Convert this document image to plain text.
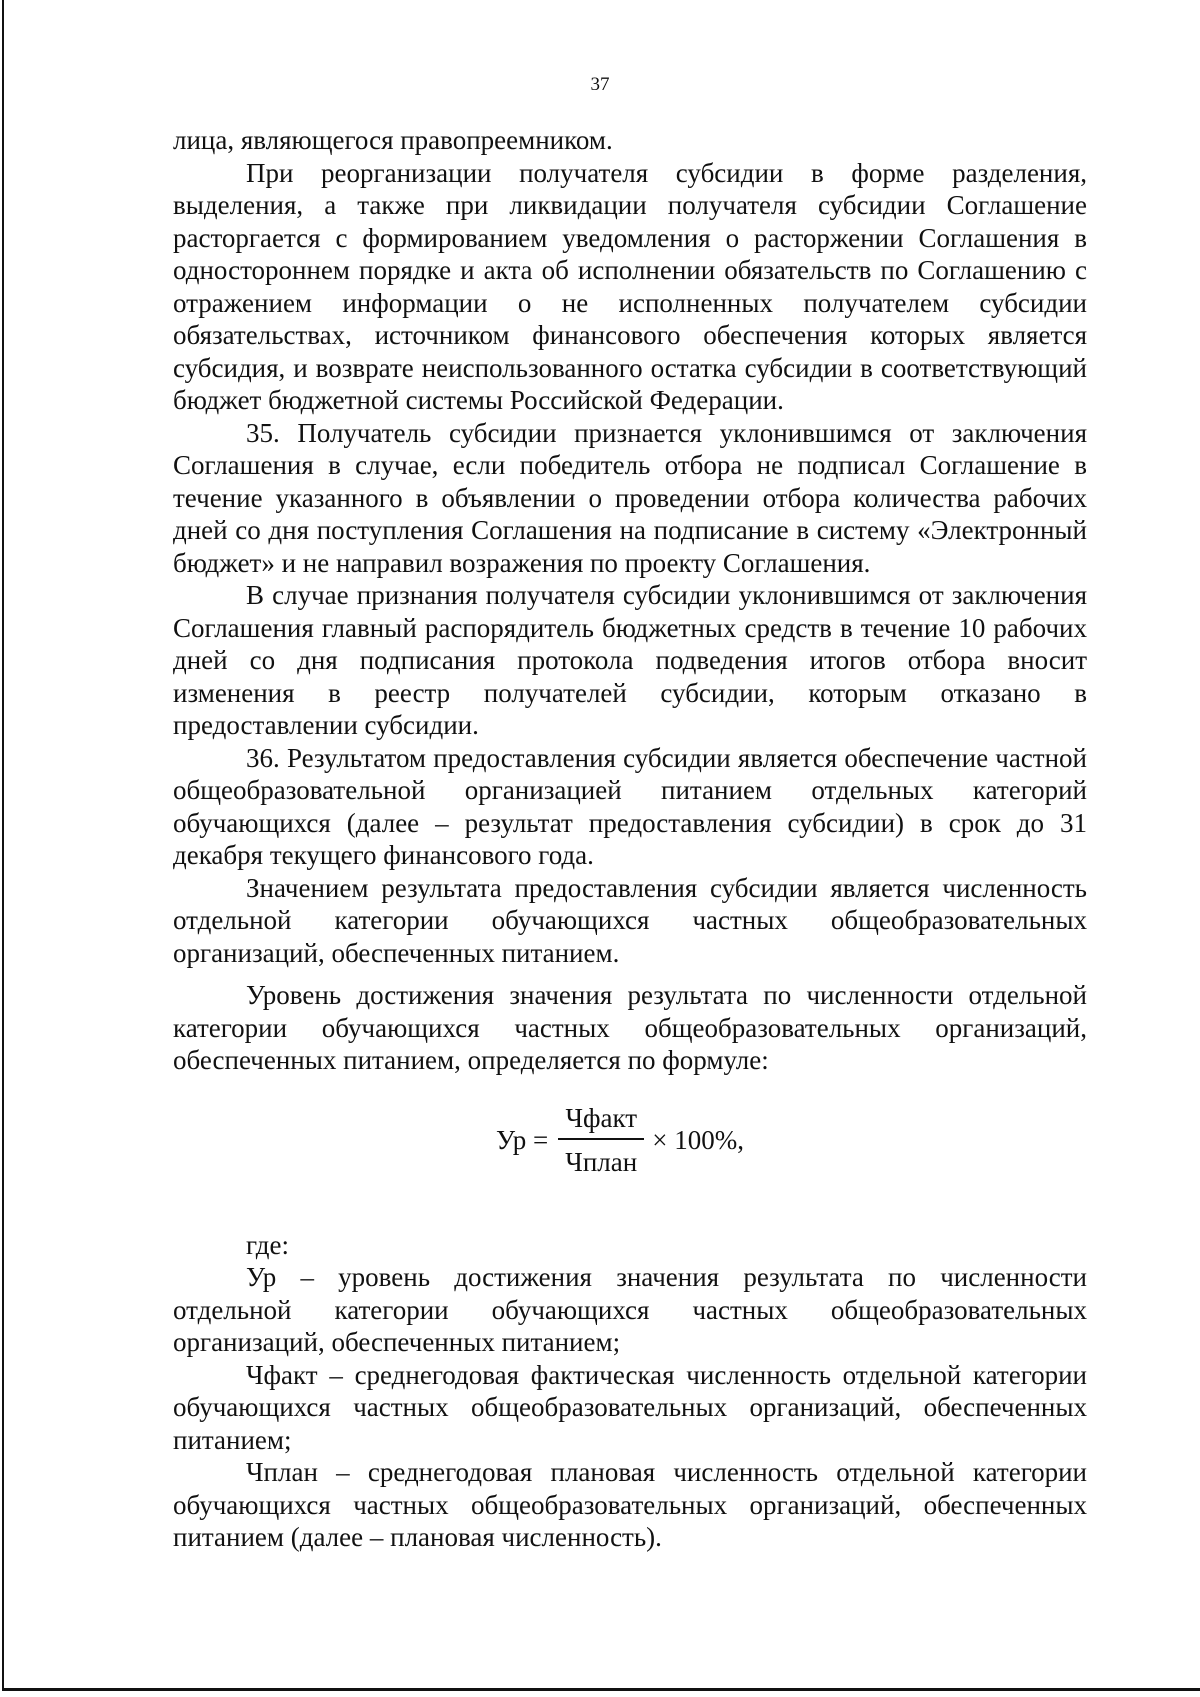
37

лица, являющегося правопреемником.

При реорганизации получателя субсидии в форме разделения, выделения, а также при ликвидации получателя субсидии Соглашение расторгается с формированием уведомления о расторжении Соглашения в одностороннем порядке и акта об исполнении обязательств по Соглашению с отражением информации о не исполненных получателем субсидии обязательствах, источником финансового обеспечения которых является субсидия, и возврате неиспользованного остатка субсидии в соответствующий бюджет бюджетной системы Российской Федерации.

35. Получатель субсидии признается уклонившимся от заключения Соглашения в случае, если победитель отбора не подписал Соглашение в течение указанного в объявлении о проведении отбора количества рабочих дней со дня поступления Соглашения на подписание в систему «Электронный бюджет» и не направил возражения по проекту Соглашения.

В случае признания получателя субсидии уклонившимся от заключения Соглашения главный распорядитель бюджетных средств в течение 10 рабочих дней со дня подписания протокола подведения итогов отбора вносит изменения в реестр получателей субсидии, которым отказано в предоставлении субсидии.

36. Результатом предоставления субсидии является обеспечение частной общеобразовательной организацией питанием отдельных категорий обучающихся (далее – результат предоставления субсидии) в срок до 31 декабря текущего финансового года.

Значением результата предоставления субсидии является численность отдельной категории обучающихся частных общеобразовательных организаций, обеспеченных питанием.

Уровень достижения значения результата по численности отдельной категории обучающихся частных общеобразовательных организаций, обеспеченных питанием, определяется по формуле:

Ур = $\frac{\text{Чфакт}}{\text{Чплан}} \times 100\%$,

где:

Ур – уровень достижения значения результата по численности отдельной категории обучающихся частных общеобразовательных организаций, обеспеченных питанием;

Чфакт – среднегодовая фактическая численность отдельной категории обучающихся частных общеобразовательных организаций, обеспеченных питанием;

Чплан – среднегодовая плановая численность отдельной категории обучающихся частных общеобразовательных организаций, обеспеченных питанием (далее – плановая численность).
